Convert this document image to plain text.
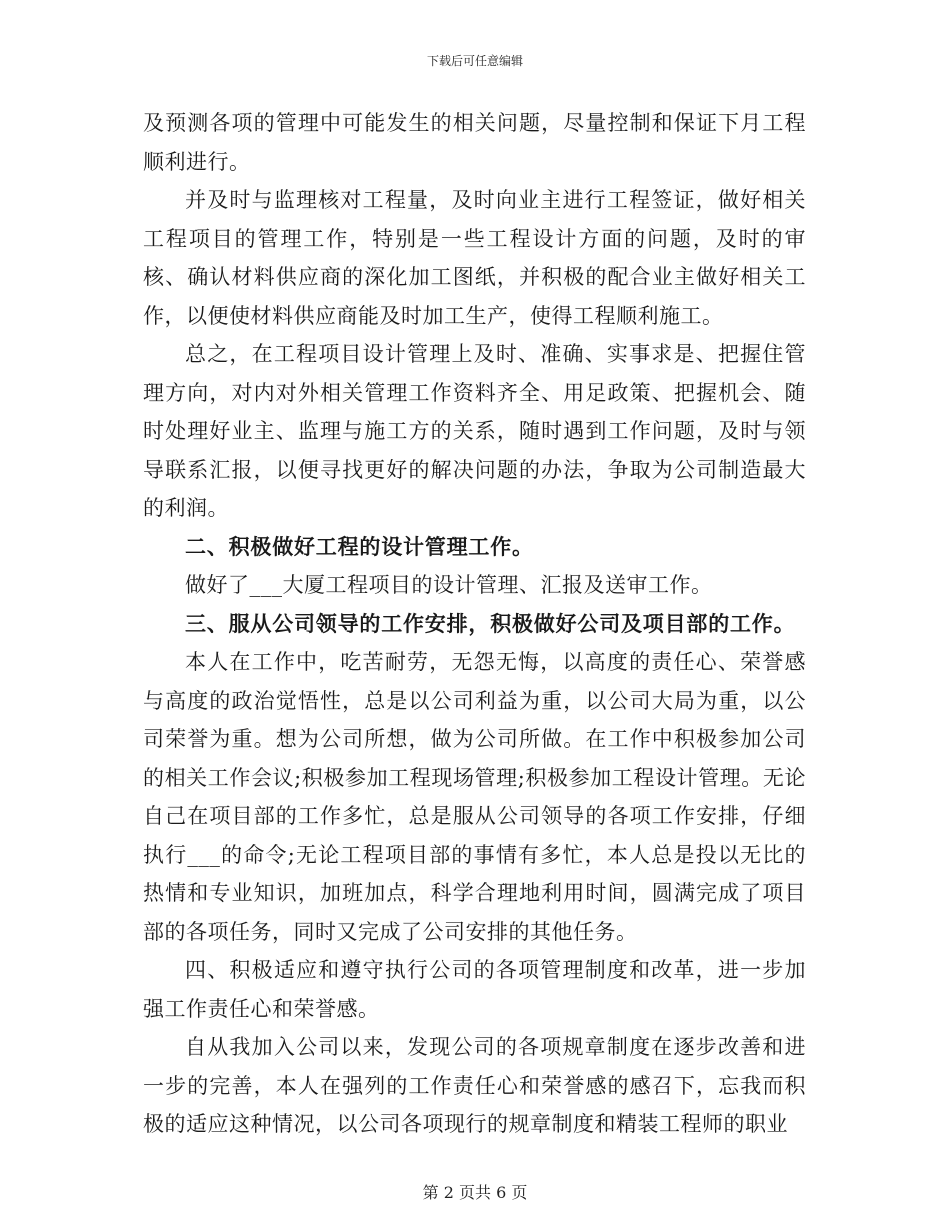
下载后可任意编辑

及预测各项的管理中可能发生的相关问题，尽量控制和保证下月工程顺利进行。

并及时与监理核对工程量，及时向业主进行工程签证，做好相关工程项目的管理工作，特别是一些工程设计方面的问题，及时的审核、确认材料供应商的深化加工图纸，并积极的配合业主做好相关工作，以便使材料供应商能及时加工生产，使得工程顺利施工。

总之，在工程项目设计管理上及时、准确、实事求是、把握住管理方向，对内对外相关管理工作资料齐全、用足政策、把握机会、随时处理好业主、监理与施工方的关系，随时遇到工作问题，及时与领导联系汇报，以便寻找更好的解决问题的办法，争取为公司制造最大的利润。

二、积极做好工程的设计管理工作。

做好了___大厦工程项目的设计管理、汇报及送审工作。

三、服从公司领导的工作安排，积极做好公司及项目部的工作。

本人在工作中，吃苦耐劳，无怨无悔，以高度的责任心、荣誉感与高度的政治觉悟性，总是以公司利益为重，以公司大局为重，以公司荣誉为重。想为公司所想，做为公司所做。在工作中积极参加公司的相关工作会议;积极参加工程现场管理;积极参加工程设计管理。无论自己在项目部的工作多忙，总是服从公司领导的各项工作安排，仔细执行___的命令;无论工程项目部的事情有多忙，本人总是投以无比的热情和专业知识，加班加点，科学合理地利用时间，圆满完成了项目部的各项任务，同时又完成了公司安排的其他任务。

四、积极适应和遵守执行公司的各项管理制度和改革，进一步加强工作责任心和荣誉感。

自从我加入公司以来，发现公司的各项规章制度在逐步改善和进一步的完善，本人在强列的工作责任心和荣誉感的感召下，忘我而积极的适应这种情况，以公司各项现行的规章制度和精装工程师的职业

第 2 页共 6 页
